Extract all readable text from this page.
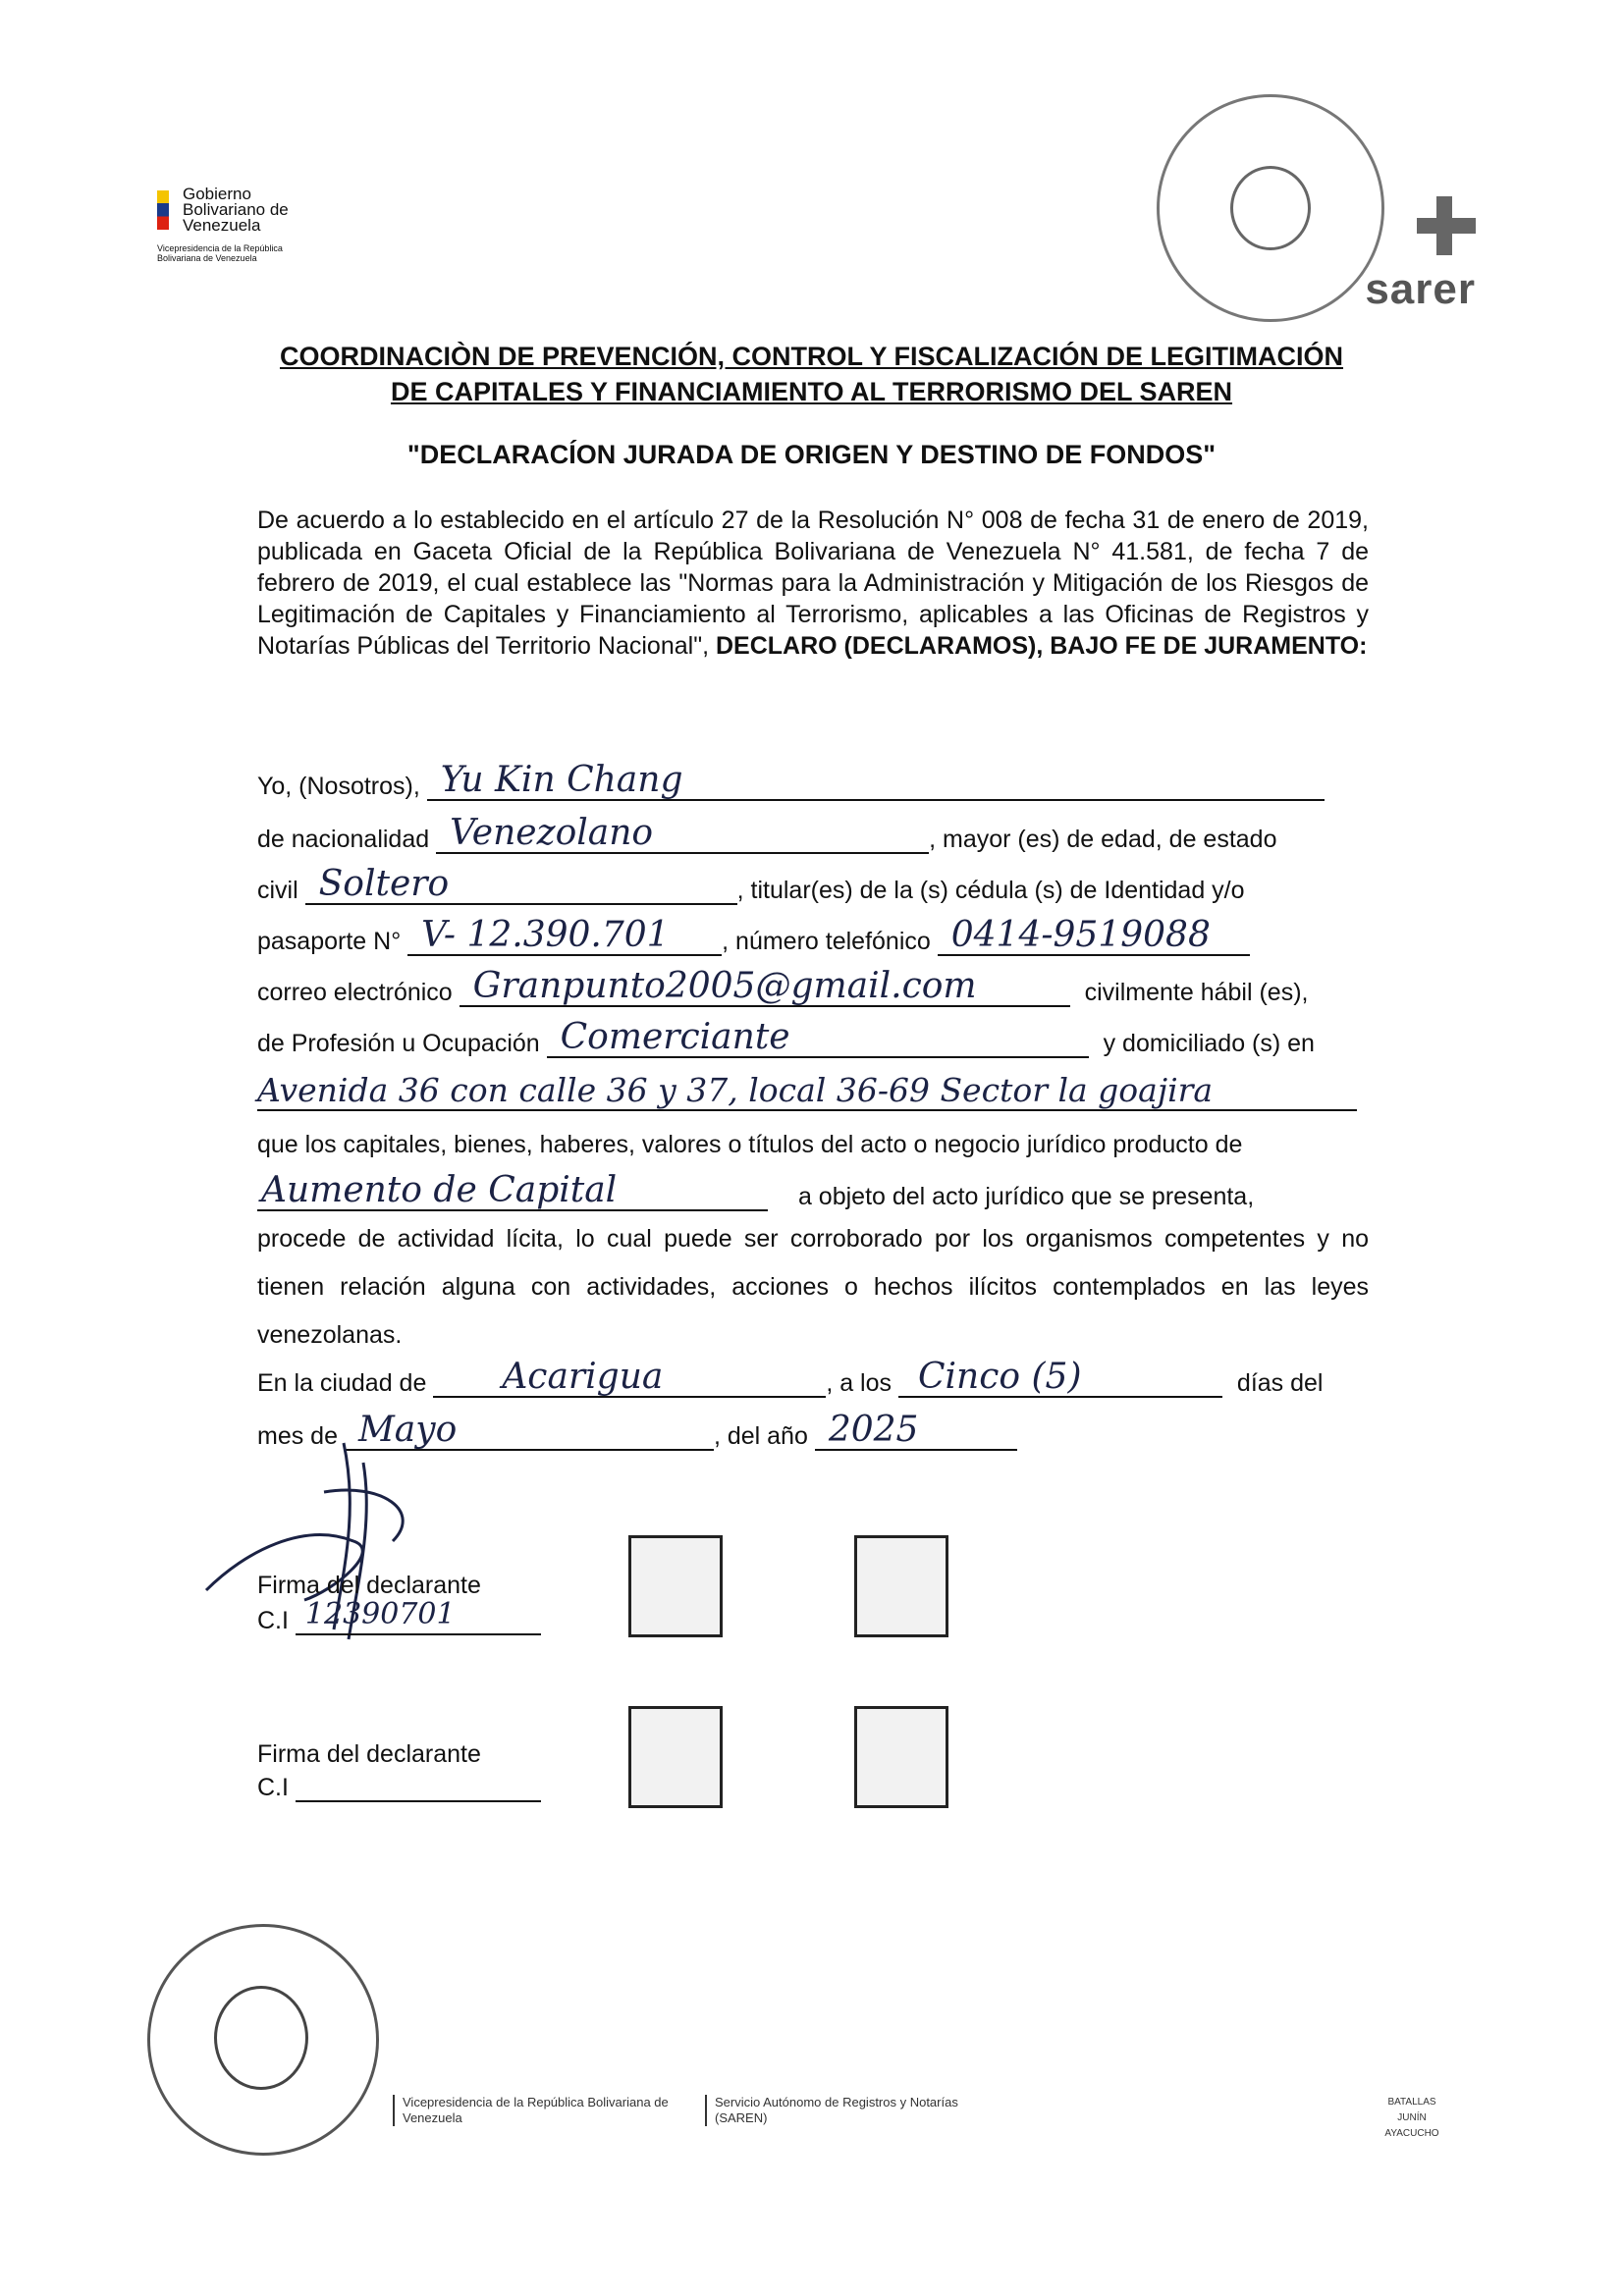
Gobierno Bolivariano de Venezuela
Vicepresidencia de la República Bolivariana de Venezuela
sarer
COORDINACIÒN DE PREVENCIÓN, CONTROL Y FISCALIZACIÓN DE LEGITIMACIÓN
DE CAPITALES Y FINANCIAMIENTO AL TERRORISMO DEL SAREN
"DECLARACÍON JURADA DE ORIGEN Y DESTINO DE FONDOS"

De acuerdo a lo establecido en el artículo 27 de la Resolución N° 008 de fecha 31 de enero de 2019, publicada en Gaceta Oficial de la República Bolivariana de Venezuela N° 41.581, de fecha 7 de febrero de 2019, el cual establece las "Normas para la Administración y Mitigación de los Riesgos de Legitimación de Capitales y Financiamiento al Terrorismo, aplicables a las Oficinas de Registros y Notarías Públicas del Territorio Nacional", DECLARO (DECLARAMOS), BAJO FE DE JURAMENTO:

Yo, (Nosotros), Yu Kin Chang
de nacionalidad Venezolano	, mayor (es) de edad, de estado
civil Soltero	, titular(es) de la (s) cédula (s) de Identidad y/o
pasaporte N° V- 12.390.701 , número telefónico 0414-9519088
correo electrónico Granpunto2005@gmail.com	civilmente hábil (es),
de Profesión u Ocupación Comerciante	y domiciliado (s) en
Avenida 36 con calle 36 y 37, local 36-69 Sector la goajira
que los capitales, bienes, haberes, valores o títulos del acto o negocio jurídico producto de
Aumento de Capital	a objeto del acto jurídico que se presenta,

procede de actividad lícita, lo cual puede ser corroborado por los organismos competentes y no tienen relación alguna con actividades, acciones o hechos ilícitos contemplados en las leyes venezolanas.

En la ciudad de Acarigua	, a los Cinco (5)	días del
mes de Mayo	, del año 2025
Firma del declarante
C.I 12390701
Firma del declarante
C.I
Vicepresidencia de la República Bolivariana de Venezuela
Servicio Autónomo de Registros y Notarías (SAREN)
BATALLAS JUNÍN AYACUCHO
